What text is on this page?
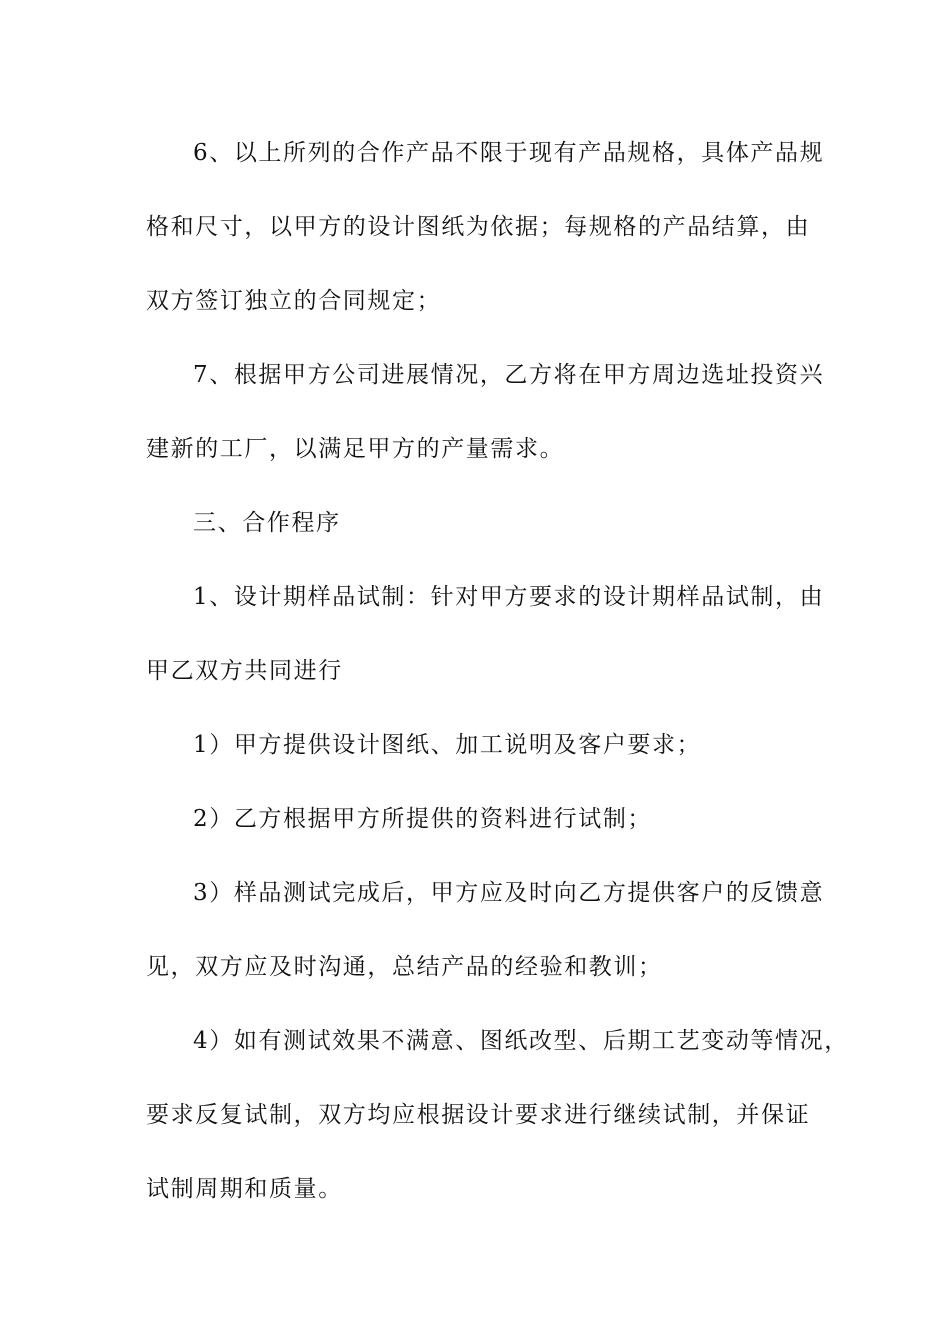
6、以上所列的合作产品不限于现有产品规格，具体产品规
格和尺寸，以甲方的设计图纸为依据；每规格的产品结算，由
双方签订独立的合同规定；
7、根据甲方公司进展情况，乙方将在甲方周边选址投资兴
建新的工厂，以满足甲方的产量需求。
三、合作程序
1、设计期样品试制：针对甲方要求的设计期样品试制，由
甲乙双方共同进行
1）甲方提供设计图纸、加工说明及客户要求；
2）乙方根据甲方所提供的资料进行试制；
3）样品测试完成后，甲方应及时向乙方提供客户的反馈意
见，双方应及时沟通，总结产品的经验和教训；
4）如有测试效果不满意、图纸改型、后期工艺变动等情况，
要求反复试制，双方均应根据设计要求进行继续试制，并保证
试制周期和质量。
